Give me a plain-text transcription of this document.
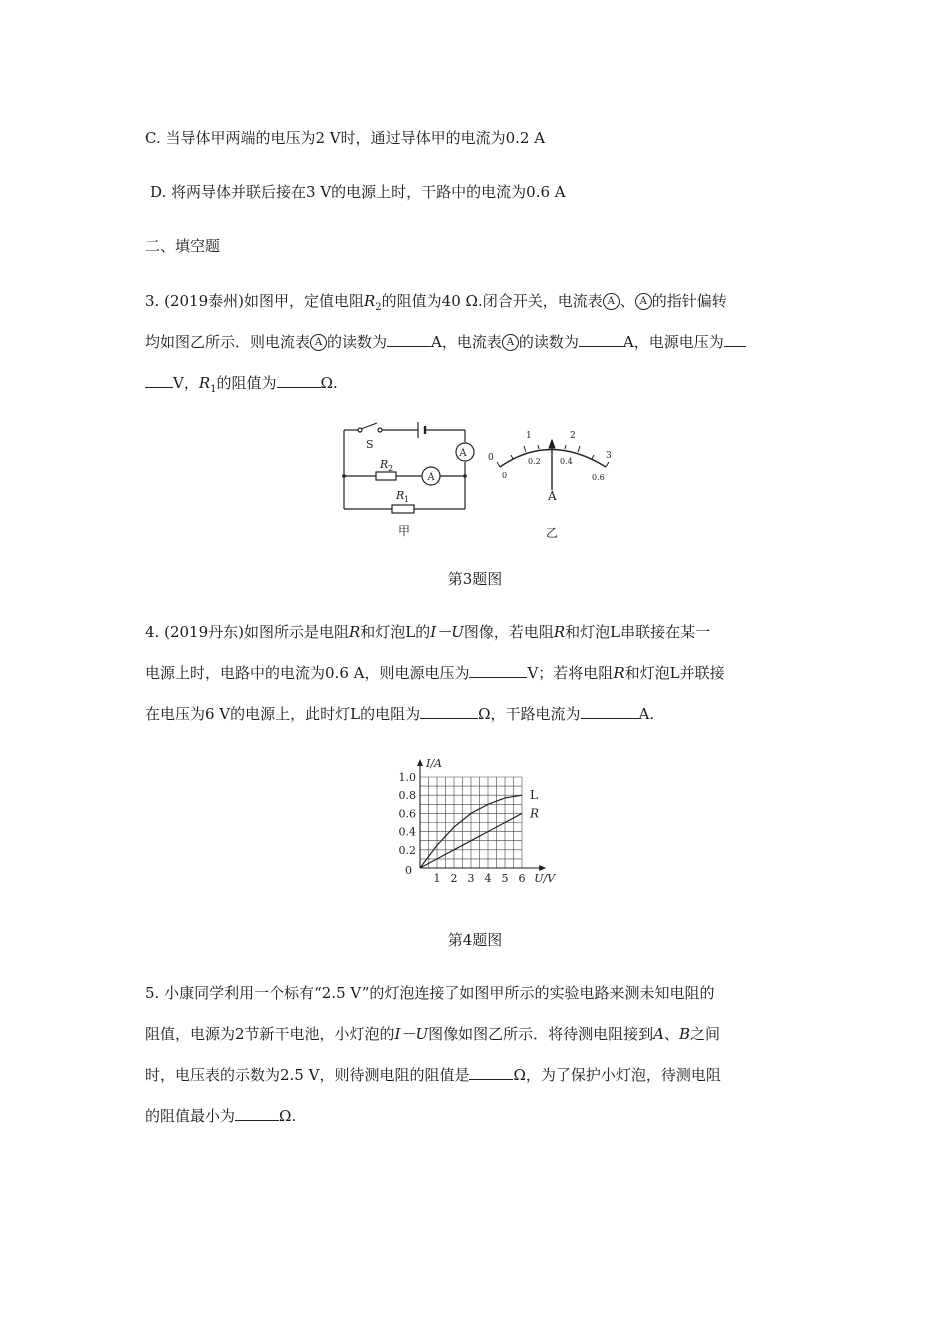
C. 当导体甲两端的电压为2 V时，通过导体甲的电流为0.2 A
D. 将两导体并联后接在3 V的电源上时，干路中的电流为0.6 A
二、填空题
3. (2019泰州)如图甲，定值电阻$R_2$的阻值为40 Ω.闭合开关，电流表 A 、 A 的指针偏转
均如图乙所示．则电流表 A 的读数为	A，电流表 A 的读数为	A，电源电压为
V，$R_1$的阻值为	Ω.
S
A
A
R 2
R 1
甲
0
1	2
3
0
0.2 0.4
0.6
A
乙
第3题图
4. (2019丹东)如图所示是电阻R和灯泡L的I－U图像，若电阻R和灯泡L串联接在某一
电源上时，电路中的电流为0.6 A，则电源电压为	V；若将电阻R和灯泡L并联接
在电压为6 V的电源上，此时灯L的电阻为	Ω，干路电流为	A.
L
R
1 2 3 4 5 6
0.2
0.4
0.6
0.8
1.0
0
U/V
I/A
第4题图
5. 小康同学利用一个标有“2.5 V”的灯泡连接了如图甲所示的实验电路来测未知电阻的
阻值，电源为2节新干电池，小灯泡的I－U图像如图乙所示．将待测电阻接到A、B之间
时，电压表的示数为2.5 V，则待测电阻的阻值是	Ω，为了保护小灯泡，待测电阻
的阻值最小为	Ω.
